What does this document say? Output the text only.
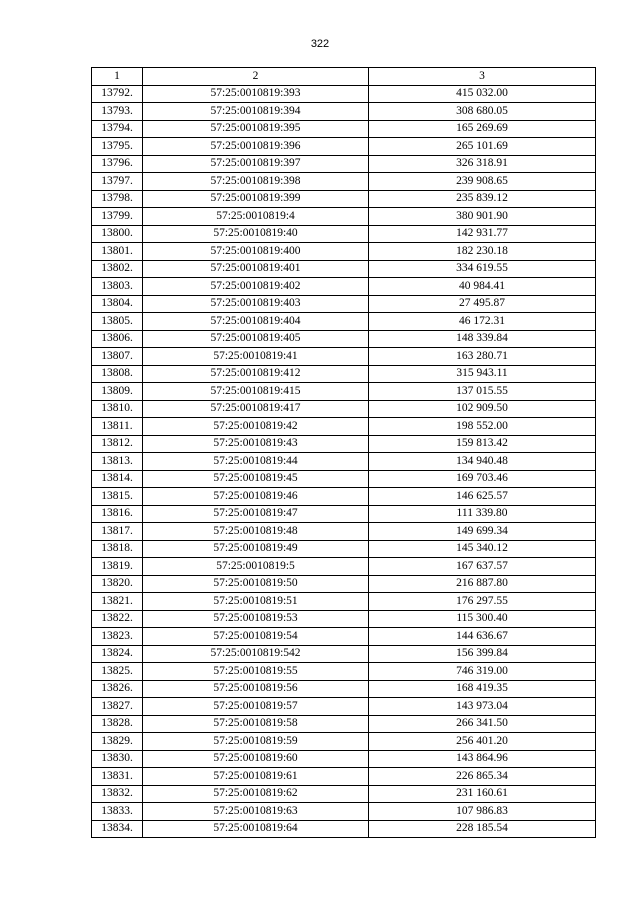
322
1	2	3
13792.	57:25:0010819:393	415 032.00
13793.	57:25:0010819:394	308 680.05
13794.	57:25:0010819:395	165 269.69
13795.	57:25:0010819:396	265 101.69
13796.	57:25:0010819:397	326 318.91
13797.	57:25:0010819:398	239 908.65
13798.	57:25:0010819:399	235 839.12
13799.	57:25:0010819:4	380 901.90
13800.	57:25:0010819:40	142 931.77
13801.	57:25:0010819:400	182 230.18
13802.	57:25:0010819:401	334 619.55
13803.	57:25:0010819:402	40 984.41
13804.	57:25:0010819:403	27 495.87
13805.	57:25:0010819:404	46 172.31
13806.	57:25:0010819:405	148 339.84
13807.	57:25:0010819:41	163 280.71
13808.	57:25:0010819:412	315 943.11
13809.	57:25:0010819:415	137 015.55
13810.	57:25:0010819:417	102 909.50
13811.	57:25:0010819:42	198 552.00
13812.	57:25:0010819:43	159 813.42
13813.	57:25:0010819:44	134 940.48
13814.	57:25:0010819:45	169 703.46
13815.	57:25:0010819:46	146 625.57
13816.	57:25:0010819:47	111 339.80
13817.	57:25:0010819:48	149 699.34
13818.	57:25:0010819:49	145 340.12
13819.	57:25:0010819:5	167 637.57
13820.	57:25:0010819:50	216 887.80
13821.	57:25:0010819:51	176 297.55
13822.	57:25:0010819:53	115 300.40
13823.	57:25:0010819:54	144 636.67
13824.	57:25:0010819:542	156 399.84
13825.	57:25:0010819:55	746 319.00
13826.	57:25:0010819:56	168 419.35
13827.	57:25:0010819:57	143 973.04
13828.	57:25:0010819:58	266 341.50
13829.	57:25:0010819:59	256 401.20
13830.	57:25:0010819:60	143 864.96
13831.	57:25:0010819:61	226 865.34
13832.	57:25:0010819:62	231 160.61
13833.	57:25:0010819:63	107 986.83
13834.	57:25:0010819:64	228 185.54
